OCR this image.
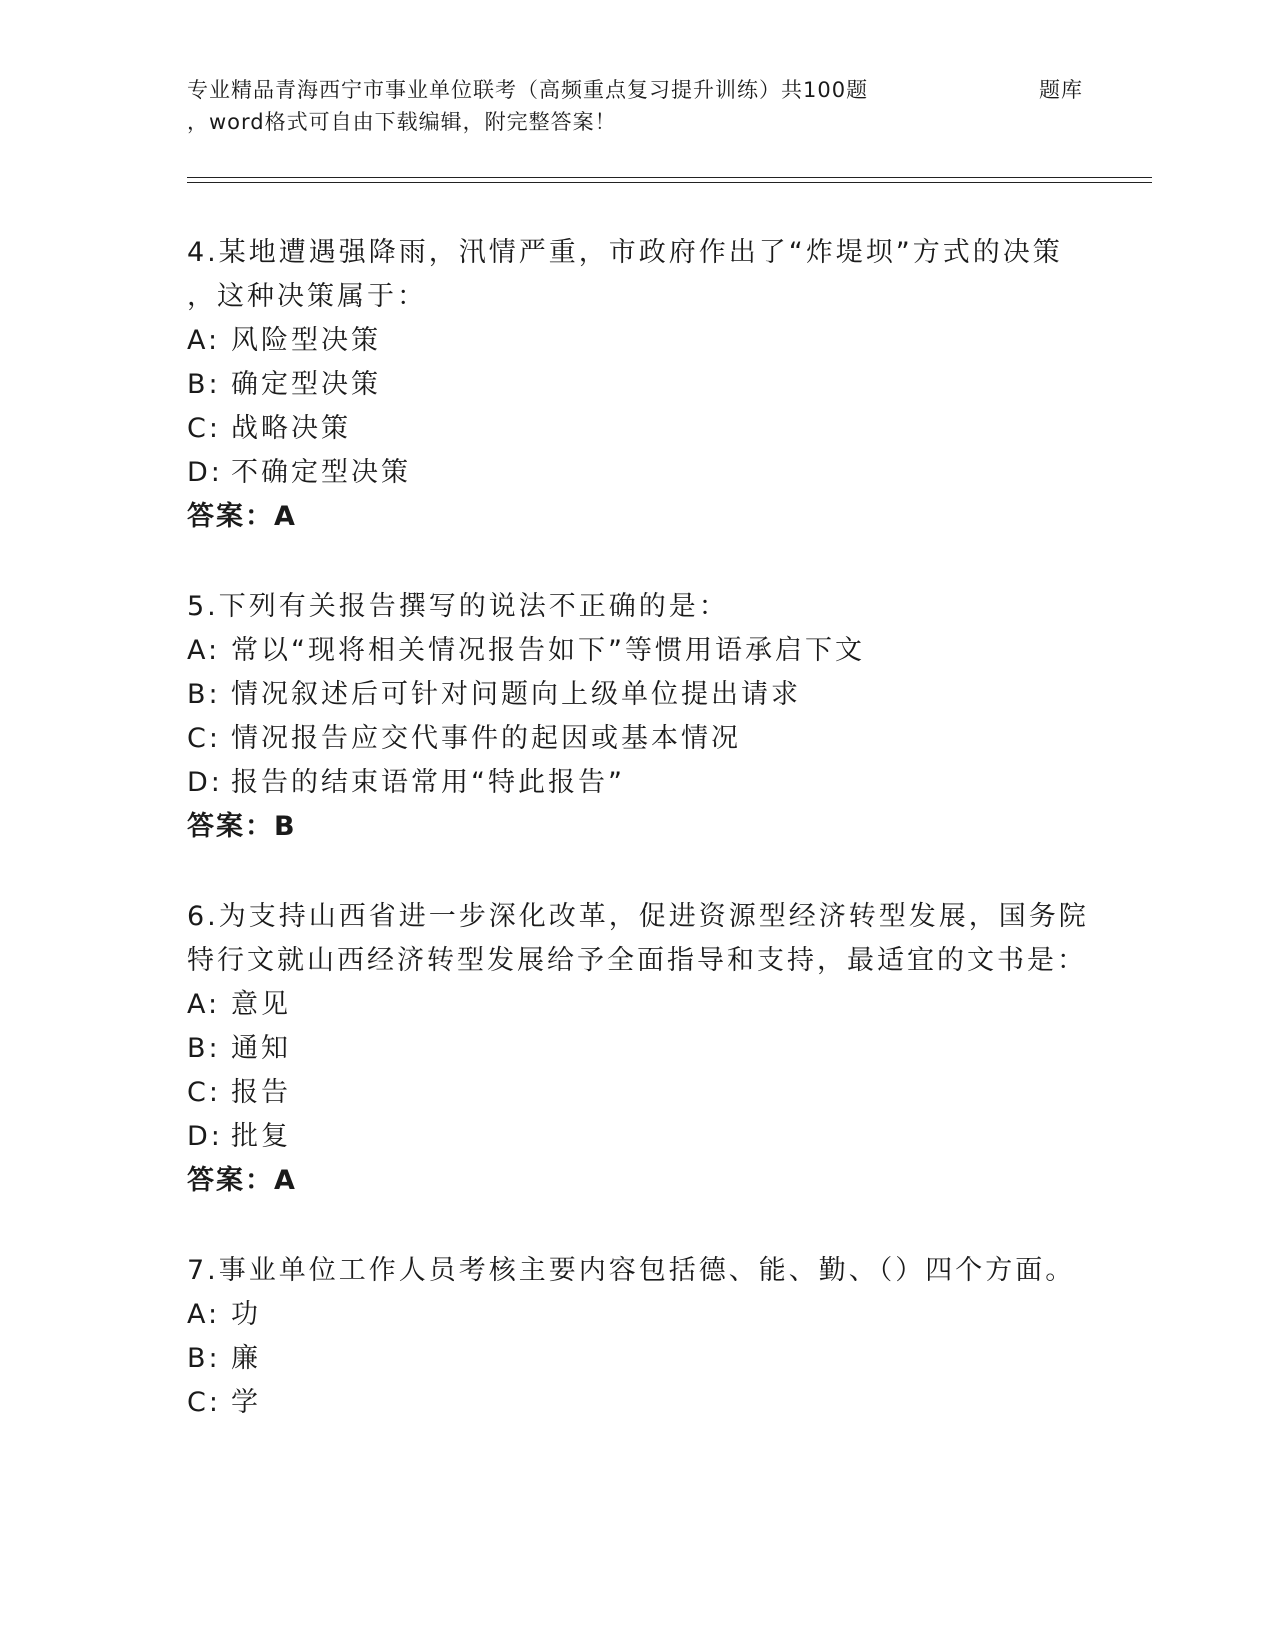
专业精品青海西宁市事业单位联考（高频重点复习提升训练）共100题	题库
，word格式可自由下载编辑，附完整答案！
4.某地遭遇强降雨，汛情严重，市政府作出了“炸堤坝”方式的决策
，这种决策属于：
A: 风险型决策
B: 确定型决策
C: 战略决策
D: 不确定型决策
答案：A
5.下列有关报告撰写的说法不正确的是：
A: 常以“现将相关情况报告如下”等惯用语承启下文
B: 情况叙述后可针对问题向上级单位提出请求
C: 情况报告应交代事件的起因或基本情况
D: 报告的结束语常用“特此报告”
答案：B
6.为支持山西省进一步深化改革，促进资源型经济转型发展，国务院
特行文就山西经济转型发展给予全面指导和支持，最适宜的文书是：
A: 意见
B: 通知
C: 报告
D: 批复
答案：A
7.事业单位工作人员考核主要内容包括德、能、勤、（）四个方面。
A: 功
B: 廉
C: 学
